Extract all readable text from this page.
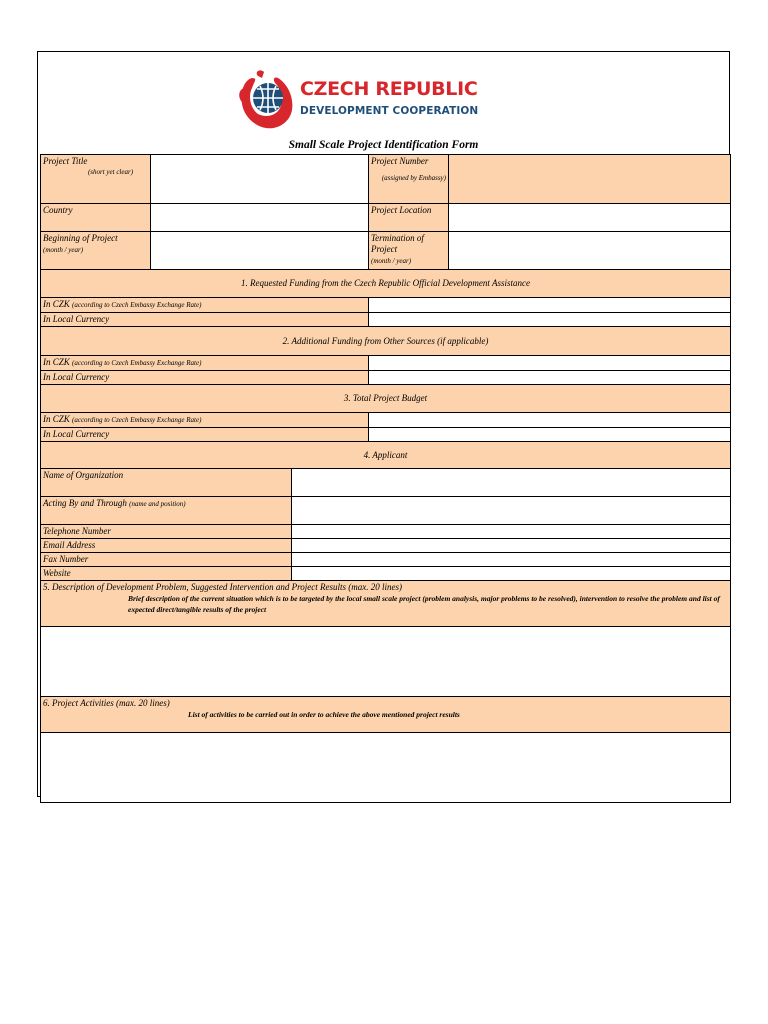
CZECH REPUBLIC
DEVELOPMENT COOPERATION
Small Scale Project Identification Form
Project Title

(short yet clear)			Project Number

(assigned by Embassy)	

Country			Project Location	
Beginning of Project
(month / year)			Termination of Project
(month / year)	
1. Requested Funding from the Czech Republic Official Development Assistance				
In CZK (according to Czech Embassy Exchange Rate)				
In Local Currency				
2. Additional Funding from Other Sources (if applicable)				
In CZK (according to Czech Embassy Exchange Rate)				
In Local Currency				
3. Total Project Budget				
In CZK (according to Czech Embassy Exchange Rate)				
In Local Currency				
4. Applicant				
Name of Organization				
Acting By and Through (name and position)				
Telephone Number				
Email Address				
Fax Number				
Website				
5. Description of Development Problem, Suggested Intervention and Project Results (max. 20 lines)
Brief description of the current situation which is to be targeted by the local small scale project (problem analysis, major problems to be resolved), intervention to resolve the problem and list of expected direct/tangible results of the project				

6. Project Activities (max. 20 lines)
List of activities to be carried out in order to achieve the above mentioned project results				
